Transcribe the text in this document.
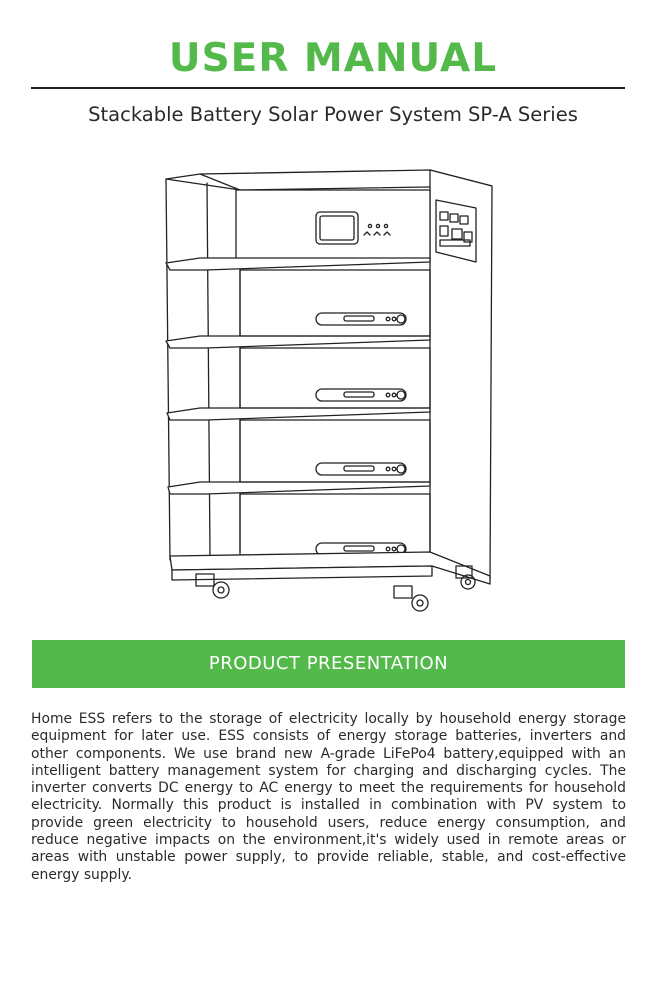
USER MANUAL
Stackable Battery Solar Power System SP-A Series
PRODUCT PRESENTATION

Home ESS refers to the storage of electricity locally by household energy storage equipment for later use. ESS consists of energy storage batteries, inverters and other components. We use brand new A-grade LiFePo4 battery,equipped with an intelligent battery management system for charging and discharging cycles. The inverter converts DC energy to AC energy to meet the requirements for household electricity. Normally this product is installed in combination with PV system to provide green electricity to household users, reduce energy consumption, and reduce negative impacts on the environment,it's widely used in remote areas or areas with unstable power supply, to provide reliable, stable, and cost-effective energy supply.
